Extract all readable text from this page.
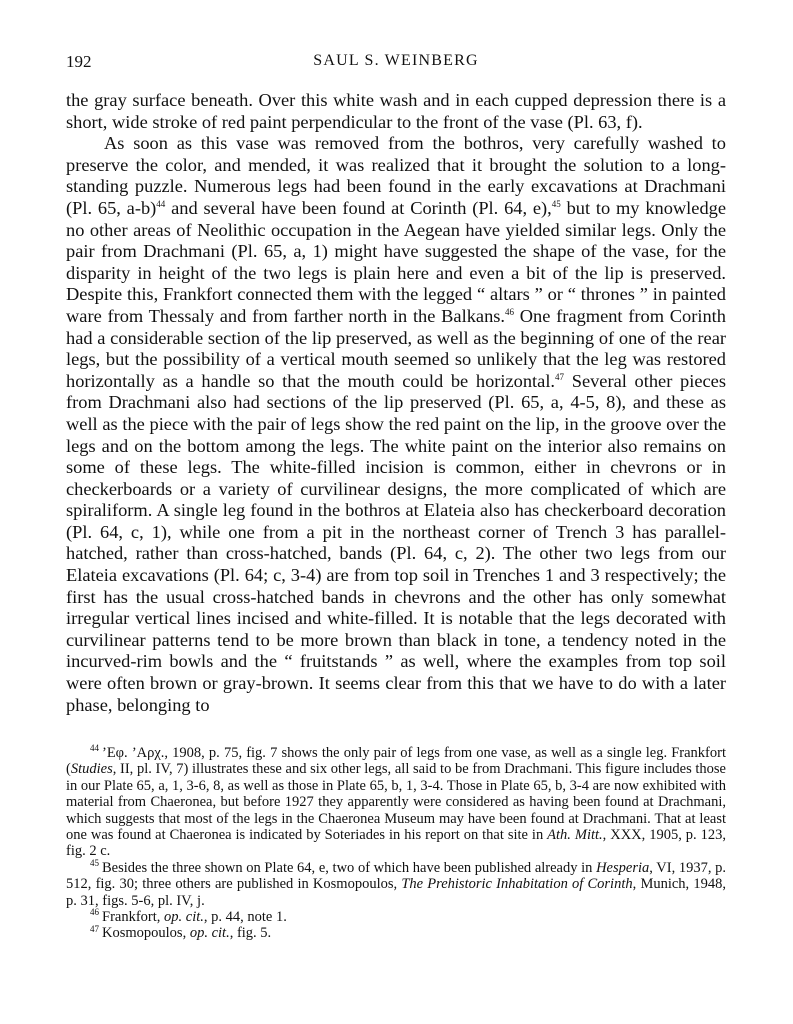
192	SAUL S. WEINBERG

the gray surface beneath. Over this white wash and in each cupped depression there is a short, wide stroke of red paint perpendicular to the front of the vase (Pl. 63, f).

As soon as this vase was removed from the bothros, very carefully washed to preserve the color, and mended, it was realized that it brought the solution to a long-standing puzzle. Numerous legs had been found in the early excavations at Drachmani (Pl. 65, a-b)$^{44}$ and several have been found at Corinth (Pl. 64, e),$^{45}$ but to my knowledge no other areas of Neolithic occupation in the Aegean have yielded similar legs. Only the pair from Drachmani (Pl. 65, a, 1) might have suggested the shape of the vase, for the disparity in height of the two legs is plain here and even a bit of the lip is preserved. Despite this, Frankfort connected them with the legged “ altars ” or “ thrones ” in painted ware from Thessaly and from farther north in the Balkans.$^{46}$ One fragment from Corinth had a considerable section of the lip preserved, as well as the beginning of one of the rear legs, but the possibility of a vertical mouth seemed so unlikely that the leg was restored horizontally as a handle so that the mouth could be horizontal.$^{47}$ Several other pieces from Drachmani also had sections of the lip preserved (Pl. 65, a, 4-5, 8), and these as well as the piece with the pair of legs show the red paint on the lip, in the groove over the legs and on the bottom among the legs. The white paint on the interior also remains on some of these legs. The white-filled incision is common, either in chevrons or in checkerboards or a variety of curvilinear designs, the more complicated of which are spiraliform. A single leg found in the bothros at Elateia also has checkerboard decoration (Pl. 64, c, 1), while one from a pit in the northeast corner of Trench 3 has parallel-hatched, rather than cross-hatched, bands (Pl. 64, c, 2). The other two legs from our Elateia excavations (Pl. 64; c, 3-4) are from top soil in Trenches 1 and 3 respectively; the first has the usual cross-hatched bands in chevrons and the other has only somewhat irregular vertical lines incised and white-filled. It is notable that the legs decorated with curvilinear patterns tend to be more brown than black in tone, a tendency noted in the incurved-rim bowls and the “ fruitstands ” as well, where the examples from top soil were often brown or gray-brown. It seems clear from this that we have to do with a later phase, belonging to

$^{44}$ ’Eφ. ’Aρχ., 1908, p. 75, fig. 7 shows the only pair of legs from one vase, as well as a single leg. Frankfort (Studies, II, pl. IV, 7) illustrates these and six other legs, all said to be from Drachmani. This figure includes those in our Plate 65, a, 1, 3-6, 8, as well as those in Plate 65, b, 1, 3-4. Those in Plate 65, b, 3-4 are now exhibited with material from Chaeronea, but before 1927 they apparently were considered as having been found at Drachmani, which suggests that most of the legs in the Chaeronea Museum may have been found at Drachmani. That at least one was found at Chaeronea is indicated by Soteriades in his report on that site in Ath. Mitt., XXX, 1905, p. 123, fig. 2 c.

$^{45}$ Besides the three shown on Plate 64, e, two of which have been published already in Hesperia, VI, 1937, p. 512, fig. 30; three others are published in Kosmopoulos, The Prehistoric Inhabitation of Corinth, Munich, 1948, p. 31, figs. 5-6, pl. IV, j.

$^{46}$ Frankfort, op. cit., p. 44, note 1.

$^{47}$ Kosmopoulos, op. cit., fig. 5.
